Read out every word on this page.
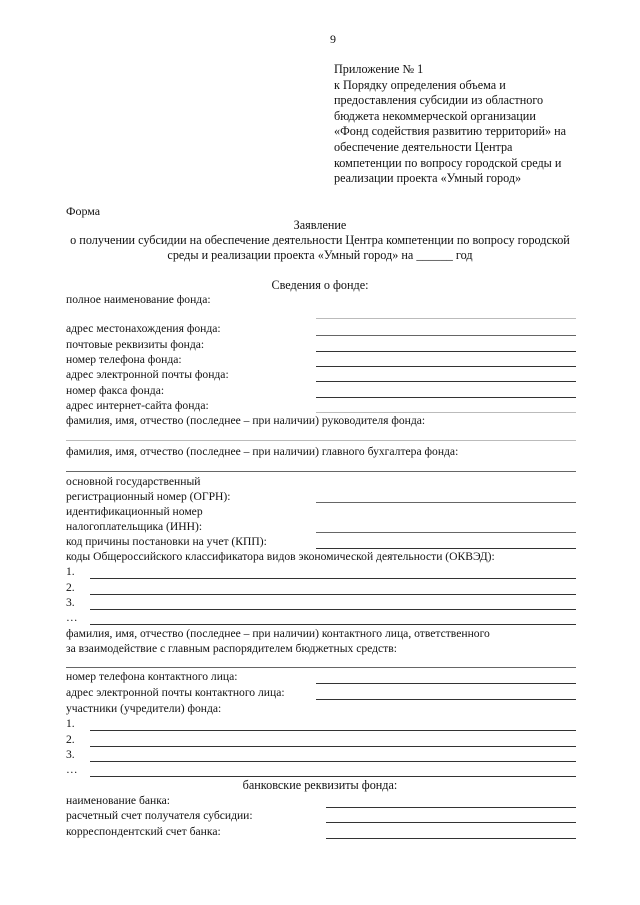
9
Приложение № 1
к Порядку определения объема и
предоставления субсидии из областного
бюджета некоммерческой организации
«Фонд содействия развитию территорий» на
обеспечение деятельности Центра
компетенции по вопросу городской среды и
реализации проекта «Умный город»
Форма
Заявление
о получении субсидии на обеспечение деятельности Центра компетенции по вопросу городской
среды и реализации проекта «Умный город» на ______ год
Сведения о фонде:
полное наименование фонда:
адрес местонахождения фонда:
почтовые реквизиты фонда:
номер телефона фонда:
адрес электронной почты фонда:
номер факса фонда:
адрес интернет-сайта фонда:
фамилия, имя, отчество (последнее – при наличии) руководителя фонда:
фамилия, имя, отчество (последнее – при наличии) главного бухгалтера фонда:
основной государственный
регистрационный номер (ОГРН):
идентификационный номер
налогоплательщика (ИНН):
код причины постановки на учет (КПП):
коды Общероссийского классификатора видов экономической деятельности (ОКВЭД):
1.
2.
3.
…
фамилия, имя, отчество (последнее – при наличии) контактного лица, ответственного
за взаимодействие с главным распорядителем бюджетных средств:
номер телефона контактного лица:
адрес электронной почты контактного лица:
участники (учредители) фонда:
1.
2.
3.
…
банковские реквизиты фонда:
наименование банка:
расчетный счет получателя субсидии:
корреспондентский счет банка:
